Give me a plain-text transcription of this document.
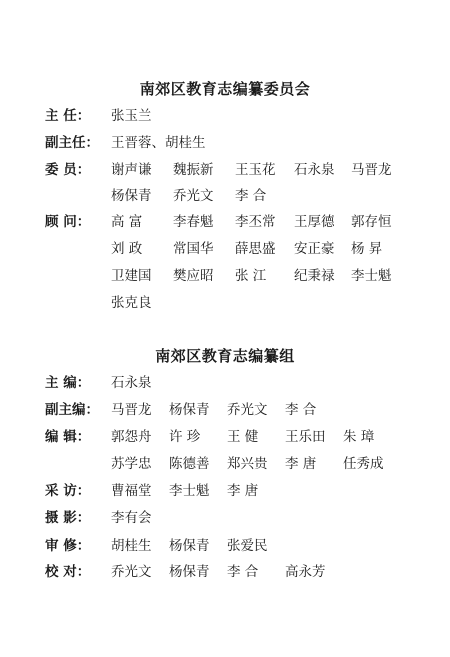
南郊区教育志编纂委员会
主 任：	张玉兰
副主任： 王晋蓉、胡桂生
委 员：	谢声谦 魏振新 王玉花 石永泉 马晋龙
杨保青 乔光文 李 合
顾 问：	高 富 李春魁 李丕常 王厚德 郭存恒
刘 政 常国华 薛思盛 安正豪 杨 昇
卫建国 樊应昭 张 江 纪秉禄 李士魁
张克良
南郊区教育志编纂组
主 编：	石永泉
副主编： 马晋龙 杨保青 乔光文 李 合
编 辑：	郭怨舟 许 珍 王 健 王乐田 朱 璋
苏学忠 陈德善 郑兴贵 李 唐 任秀成
采 访：	曹福堂 李士魁 李 唐
摄 影：	李有会
审 修：	胡桂生 杨保青 张爱民
校 对：	乔光文 杨保青 李 合 高永芳
